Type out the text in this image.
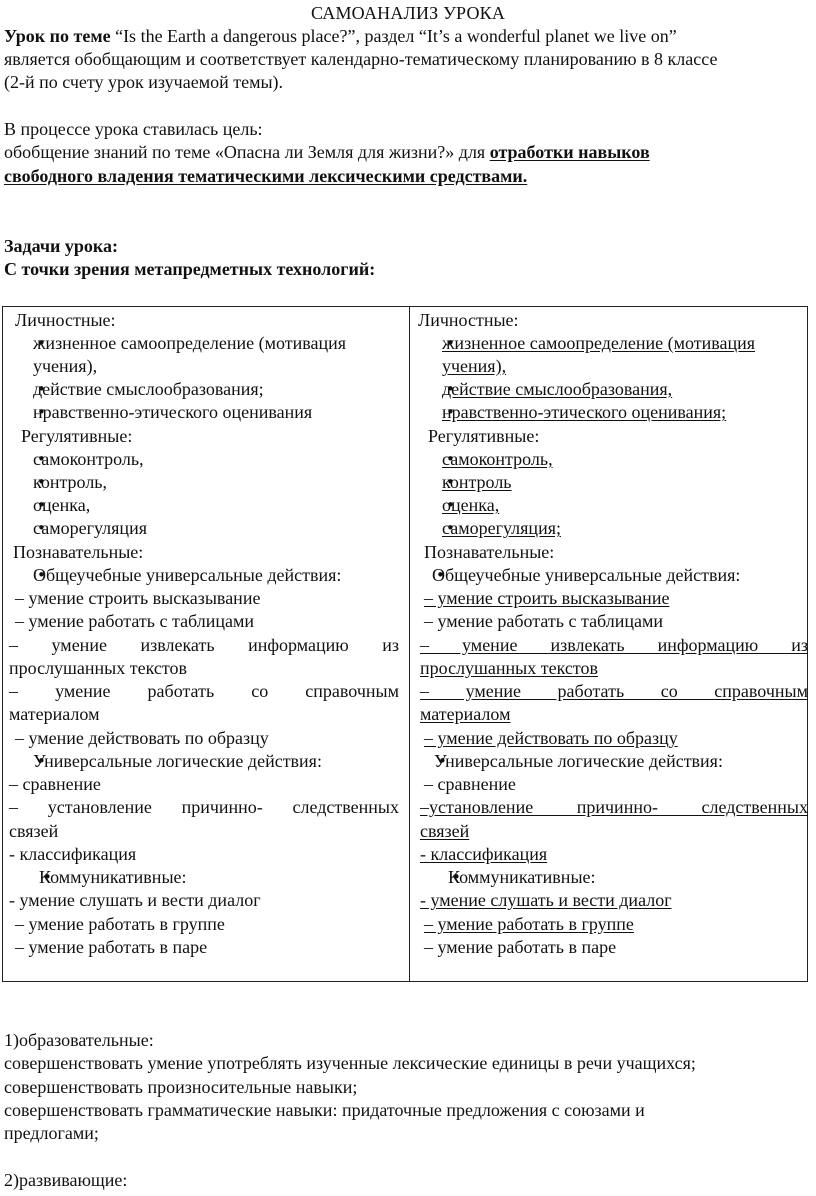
САМОАНАЛИЗ УРОКА
Урок по теме “Is the Earth a dangerous place?”, раздел “It’s a wonderful planet we live on”
является обобщающим и соответствует календарно-тематическому планированию в 8 классе
(2-й по счету урок изучаемой темы).
В процессе урока ставилась цель:
обобщение знаний по теме «Опасна ли Земля для жизни?» для отработки навыков
свободного владения тематическими лексическими средствами.
Задачи урока:
С точки зрения метапредметных технологий:
Личностные:
• жизненное самоопределение (мотивация
учения),
• действие смыслообразования;
• нравственно-этического оценивания
Регулятивные:
• самоконтроль,
• контроль,
• оценка,
• саморегуляция
Познавательные:
• Общеучебные универсальные действия:
– умение строить высказывание
– умение работать с таблицами
– умение извлекать информацию из
прослушанных текстов
– умение работать со справочным
материалом
– умение действовать по образцу
• Универсальные логические действия:
– сравнение
– установление причинно- следственных
связей
- классификация
• Коммуникативные:
- умение слушать и вести диалог
– умение работать в группе
– умение работать в паре
Личностные:
• жизненное самоопределение (мотивация
учения),
• действие смыслообразования,
• нравственно-этического оценивания;
Регулятивные:
• самоконтроль,
• контроль
• оценка,
• саморегуляция;
Познавательные:
• Общеучебные универсальные действия:
– умение строить высказывание
– умение работать с таблицами
– умение извлекать информацию из
прослушанных текстов
– умение работать со справочным
материалом
– умение действовать по образцу
• Универсальные логические действия:
– сравнение
–установление причинно- следственных
связей
- классификация
• Коммуникативные:
- умение слушать и вести диалог
– умение работать в группе
– умение работать в паре
1)образовательные:
совершенствовать умение употреблять изученные лексические единицы в речи учащихся;
совершенствовать произносительные навыки;
совершенствовать грамматические навыки: придаточные предложения с союзами и
предлогами;
2)развивающие:
